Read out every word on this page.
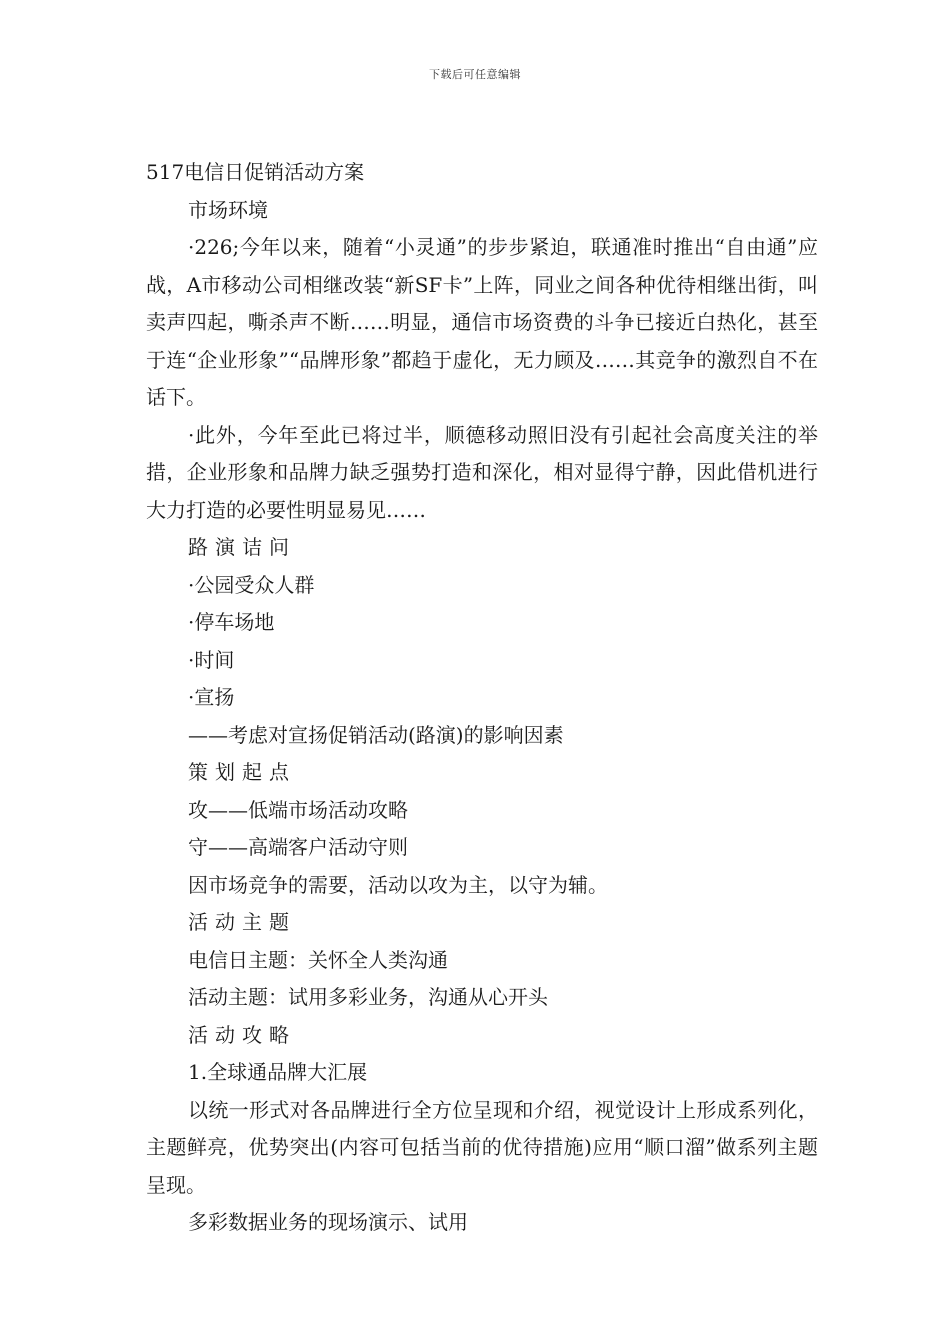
下载后可任意编辑

517电信日促销活动方案

市场环境

·226;今年以来，随着“小灵通”的步步紧迫，联通准时推出“自由通”应战，A市移动公司相继改装“新SF卡”上阵，同业之间各种优待相继出街，叫卖声四起，嘶杀声不断……明显，通信市场资费的斗争已接近白热化，甚至于连“企业形象”“品牌形象”都趋于虚化，无力顾及……其竞争的激烈自不在话下。

·此外，今年至此已将过半，顺德移动照旧没有引起社会高度关注的举措，企业形象和品牌力缺乏强势打造和深化，相对显得宁静，因此借机进行大力打造的必要性明显易见……

路演诘问

·公园受众人群

·停车场地

·时间

·宣扬

——考虑对宣扬促销活动(路演)的影响因素

策划起点

攻——低端市场活动攻略

守——高端客户活动守则

因市场竞争的需要，活动以攻为主，以守为辅。

活动主题

电信日主题：关怀全人类沟通

活动主题：试用多彩业务，沟通从心开头

活动攻略

1.全球通品牌大汇展

以统一形式对各品牌进行全方位呈现和介绍，视觉设计上形成系列化，主题鲜亮，优势突出(内容可包括当前的优待措施)应用“顺口溜”做系列主题呈现。

多彩数据业务的现场演示、试用
